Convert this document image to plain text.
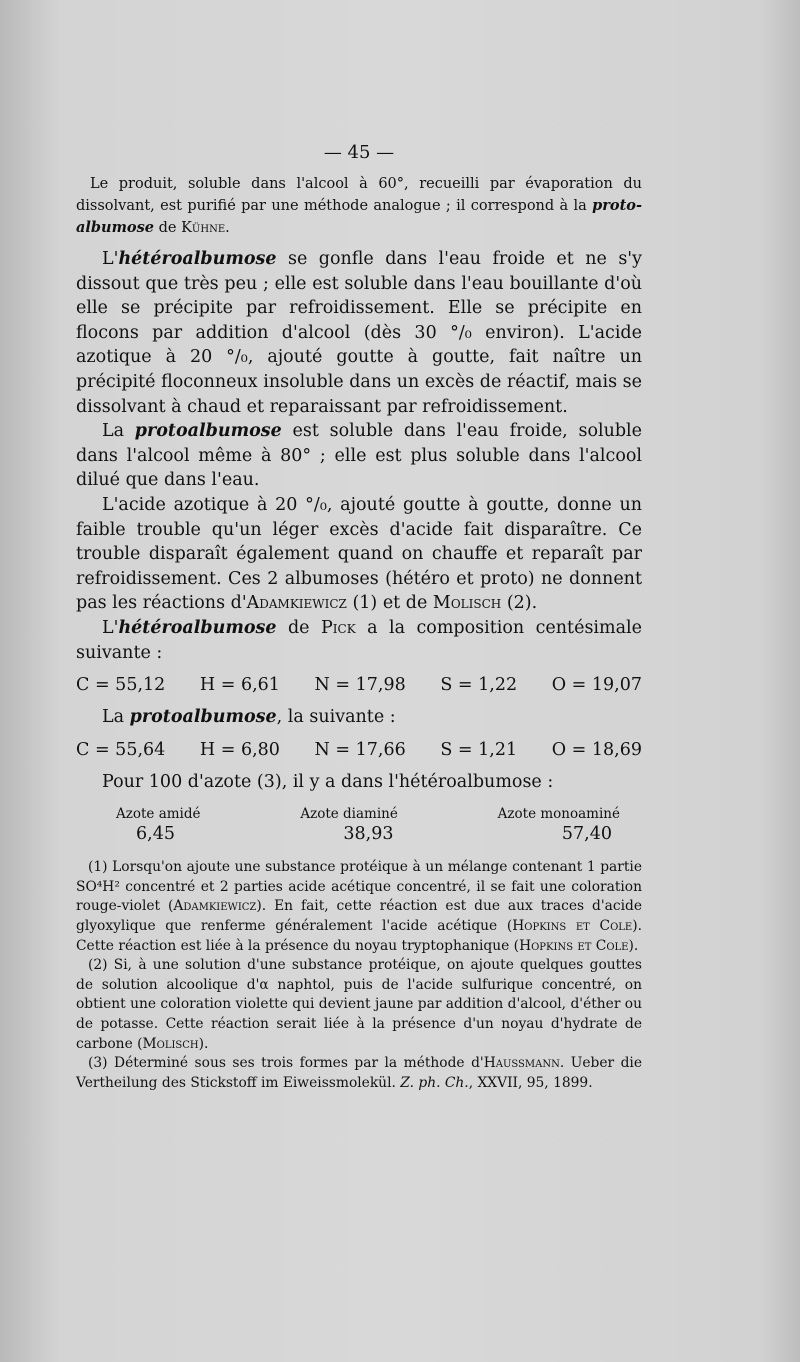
— 45 —

Le produit, soluble dans l'alcool à 60°, recueilli par évaporation du dissolvant, est purifié par une méthode analogue ; il correspond à la proto-albumose de Kühne.

L'hétéroalbumose se gonfle dans l'eau froide et ne s'y dissout que très peu ; elle est soluble dans l'eau bouillante d'où elle se précipite par refroidissement. Elle se précipite en flocons par addition d'alcool (dès 30 °/₀ environ). L'acide azotique à 20 °/₀, ajouté goutte à goutte, fait naître un précipité floconneux insoluble dans un excès de réactif, mais se dissolvant à chaud et reparaissant par refroidissement.

La protoalbumose est soluble dans l'eau froide, soluble dans l'alcool même à 80° ; elle est plus soluble dans l'alcool dilué que dans l'eau.

L'acide azotique à 20 °/₀, ajouté goutte à goutte, donne un faible trouble qu'un léger excès d'acide fait disparaître. Ce trouble disparaît également quand on chauffe et reparaît par refroidissement. Ces 2 albumoses (hétéro et proto) ne donnent pas les réactions d'Adamkiewicz (1) et de Molisch (2).

L'hétéroalbumose de Pick a la composition centésimale suivante :

C = 55,12 H = 6,61 N = 17,98 S = 1,22 O = 19,07

La protoalbumose, la suivante :

C = 55,64 H = 6,80 N = 17,66 S = 1,21 O = 18,69

Pour 100 d'azote (3), il y a dans l'hétéroalbumose :

Azote amidé	Azote diaminé	Azote monoaminé
6,45	38,93	57,40

(1) Lorsqu'on ajoute une substance protéique à un mélange contenant 1 partie SO⁴H² concentré et 2 parties acide acétique concentré, il se fait une coloration rouge-violet (Adamkiewicz). En fait, cette réaction est due aux traces d'acide glyoxylique que renferme généralement l'acide acétique (Hopkins et Cole). Cette réaction est liée à la présence du noyau tryptophanique (Hopkins et Cole).

(2) Si, à une solution d'une substance protéique, on ajoute quelques gouttes de solution alcoolique d'α naphtol, puis de l'acide sulfurique concentré, on obtient une coloration violette qui devient jaune par addition d'alcool, d'éther ou de potasse. Cette réaction serait liée à la présence d'un noyau d'hydrate de carbone (Molisch).

(3) Déterminé sous ses trois formes par la méthode d'Haussmann. Ueber die Vertheilung des Stickstoff im Eiweissmolekül. Z. ph. Ch., XXVII, 95, 1899.
